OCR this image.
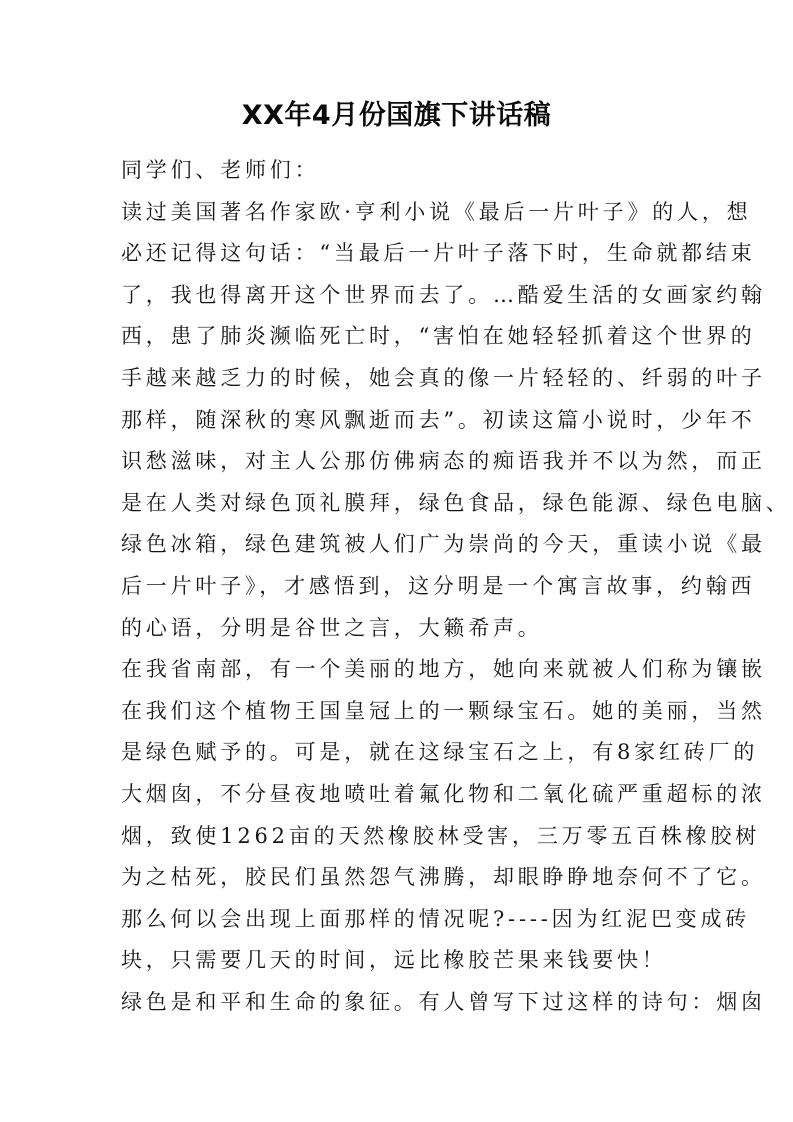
XX年4月份国旗下讲话稿
同学们、老师们：
读过美国著名作家欧·亨利小说《最后一片叶子》的人，想
必还记得这句话：“当最后一片叶子落下时，生命就都结束
了，我也得离开这个世界而去了。…酷爱生活的女画家约翰
西，患了肺炎濒临死亡时，“害怕在她轻轻抓着这个世界的
手越来越乏力的时候，她会真的像一片轻轻的、纤弱的叶子
那样，随深秋的寒风飘逝而去”。初读这篇小说时，少年不
识愁滋味，对主人公那仿佛病态的痴语我并不以为然，而正
是在人类对绿色顶礼膜拜，绿色食品，绿色能源、绿色电脑、
绿色冰箱，绿色建筑被人们广为崇尚的今天，重读小说《最
后一片叶子》，才感悟到，这分明是一个寓言故事，约翰西
的心语，分明是谷世之言，大籁希声。
在我省南部，有一个美丽的地方，她向来就被人们称为镶嵌
在我们这个植物王国皇冠上的一颗绿宝石。她的美丽，当然
是绿色赋予的。可是，就在这绿宝石之上，有8家红砖厂的
大烟囱，不分昼夜地喷吐着氟化物和二氧化硫严重超标的浓
烟，致使1262亩的天然橡胶林受害，三万零五百株橡胶树
为之枯死，胶民们虽然怨气沸腾，却眼睁睁地奈何不了它。
那么何以会出现上面那样的情况呢?----因为红泥巴变成砖
块，只需要几天的时间，远比橡胶芒果来钱要快！
绿色是和平和生命的象征。有人曾写下过这样的诗句：烟囱
